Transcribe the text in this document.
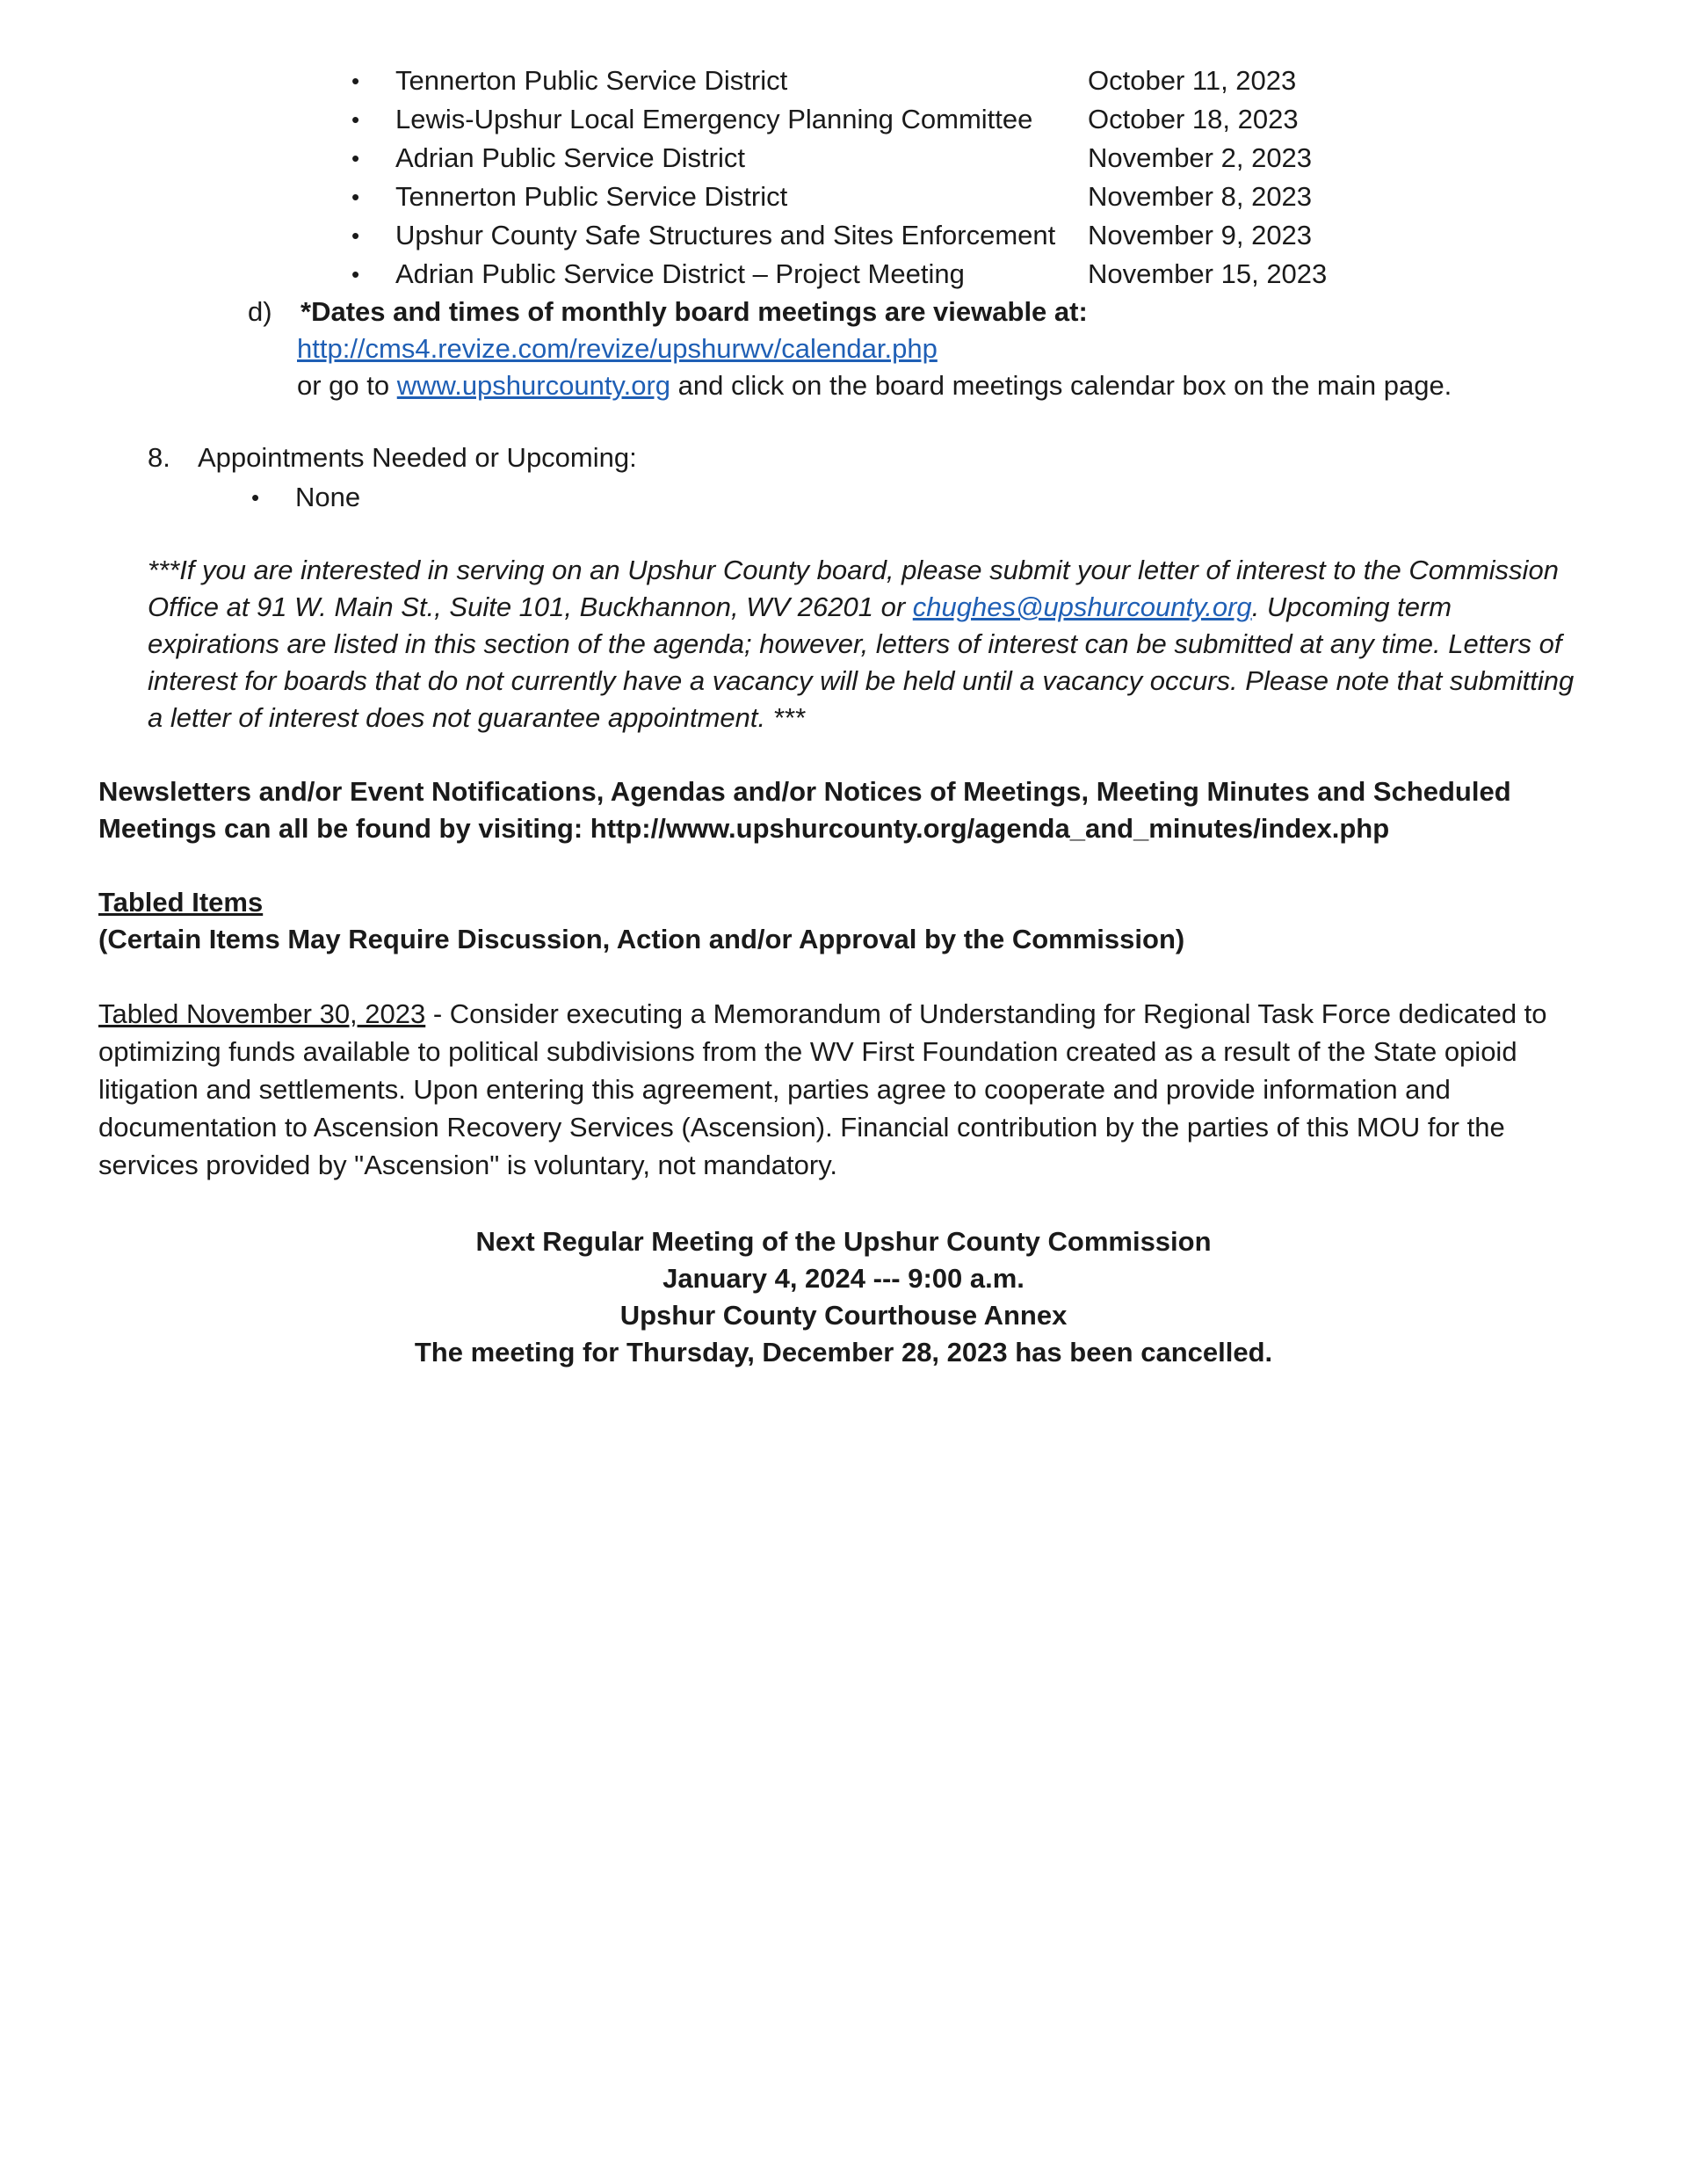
• Tennerton Public Service District	October 11, 2023
• Lewis-Upshur Local Emergency Planning Committee October 18, 2023
• Adrian Public Service District	November 2, 2023
• Tennerton Public Service District	November 8, 2023
• Upshur County Safe Structures and Sites Enforcement November 9, 2023
• Adrian Public Service District – Project Meeting	November 15, 2023
d) *Dates and times of monthly board meetings are viewable at:
http://cms4.revize.com/revize/upshurwv/calendar.php
or go to www.upshurcounty.org and click on the board meetings calendar box on the main page.
8. Appointments Needed or Upcoming:
• None
***If you are interested in serving on an Upshur County board, please submit your letter of interest to the Commission Office at 91 W. Main St., Suite 101, Buckhannon, WV 26201 or chughes@upshurcounty.org. Upcoming term expirations are listed in this section of the agenda; however, letters of interest can be submitted at any time. Letters of interest for boards that do not currently have a vacancy will be held until a vacancy occurs. Please note that submitting a letter of interest does not guarantee appointment. ***
Newsletters and/or Event Notifications, Agendas and/or Notices of Meetings, Meeting Minutes and Scheduled Meetings can all be found by visiting: http://www.upshurcounty.org/agenda_and_minutes/index.php
Tabled Items
(Certain Items May Require Discussion, Action and/or Approval by the Commission)
Tabled November 30, 2023 - Consider executing a Memorandum of Understanding for Regional Task Force dedicated to optimizing funds available to political subdivisions from the WV First Foundation created as a result of the State opioid litigation and settlements. Upon entering this agreement, parties agree to cooperate and provide information and documentation to Ascension Recovery Services (Ascension). Financial contribution by the parties of this MOU for the services provided by "Ascension" is voluntary, not mandatory.
Next Regular Meeting of the Upshur County Commission
January 4, 2024 --- 9:00 a.m.
Upshur County Courthouse Annex
The meeting for Thursday, December 28, 2023 has been cancelled.
